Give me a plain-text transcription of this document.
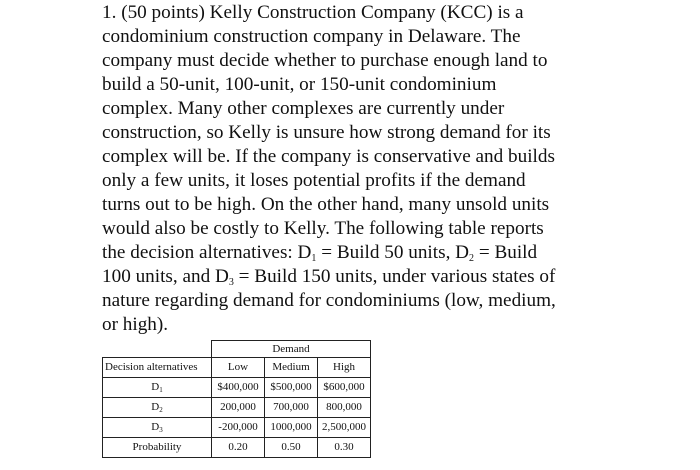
1. (50 points) Kelly Construction Company (KCC) is a
condominium construction company in Delaware. The
company must decide whether to purchase enough land to
build a 50-unit, 100-unit, or 150-unit condominium
complex. Many other complexes are currently under
construction, so Kelly is unsure how strong demand for its
complex will be. If the company is conservative and builds
only a few units, it loses potential profits if the demand
turns out to be high. On the other hand, many unsold units
would also be costly to Kelly. The following table reports
the decision alternatives: $D_1$ = Build 50 units, $D_2$ = Build
100 units, and $D_3$ = Build 150 units, under various states of
nature regarding demand for condominiums (low, medium,
or high).
	Demand		
Decision alternatives	Low	Medium	High
$D_1$	$400,000	$500,000	$600,000
$D_2$	200,000	700,000	800,000
$D_3$	-200,000	1000,000	2,500,000
Probability	0.20	0.50	0.30
